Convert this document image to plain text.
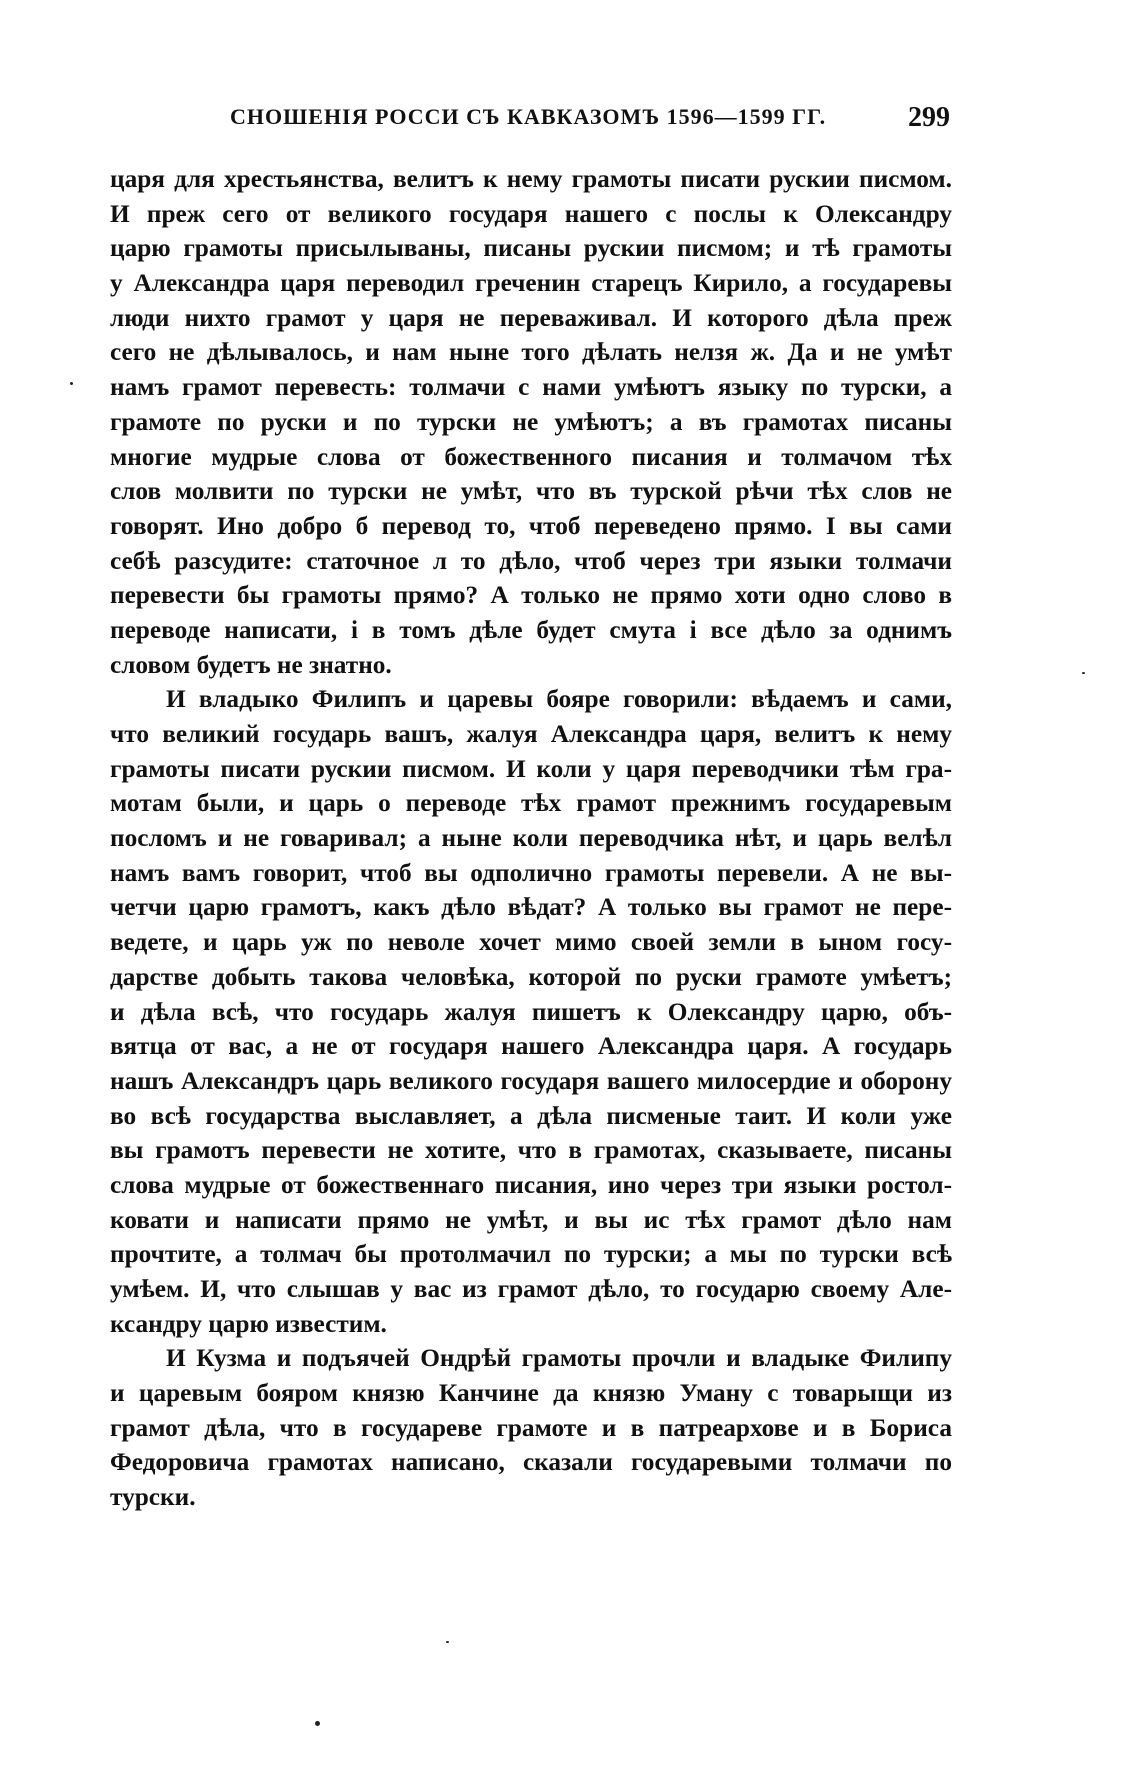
СНОШЕНІЯ РОССИ СЪ КАВКАЗОМЪ 1596—1599 ГГ.	299
царя для хрестьянства, велитъ к нему грамоты писати рускии писмом.
И преж сего от великого государя нашего с послы к Олександру
царю грамоты присылываны, писаны рускии писмом; и тѣ грамоты
у Александра царя переводил греченин старецъ Кирило, а государевы
люди нихто грамот у царя не переваживал. И которого дѣла преж
сего не дѣлывалось, и нам ныне того дѣлать нелзя ж. Да и не умѣт
намъ грамот перевесть: толмачи с нами умѣютъ языку по турски, а
грамоте по руски и по турски не умѣютъ; а въ грамотах писаны
многие мудрые слова от божественного писания и толмачом тѣх
слов молвити по турски не умѣт, что въ турской рѣчи тѣх слов не
говорят. Ино добро б перевод то, чтоб переведено прямо. I вы сами
себѣ разсудите: статочное л то дѣло, чтоб через три языки толмачи
перевести бы грамоты прямо? А только не прямо хоти одно слово в
переводе написати, і в томъ дѣле будет смута і все дѣло за однимъ
словом будетъ не знатно.
И владыко Филипъ и царевы бояре говорили: вѣдаемъ и сами,
что великий государь вашъ, жалуя Александра царя, велитъ к нему
грамоты писати рускии писмом. И коли у царя переводчики тѣм гра-
мотам были, и царь о переводе тѣх грамот прежнимъ государевым
посломъ и не говаривал; а ныне коли переводчика нѣт, и царь велѣл
намъ вамъ говорит, чтоб вы одполично грамоты перевели. А не вы-
четчи царю грамотъ, какъ дѣло вѣдат? А только вы грамот не пере-
ведете, и царь уж по неволе хочет мимо своей земли в ыном госу-
дарстве добыть такова человѣка, которой по руски грамоте умѣетъ;
и дѣла всѣ, что государь жалуя пишетъ к Олександру царю, объ-
вятца от вас, а не от государя нашего Александра царя. А государь
нашъ Александръ царь великого государя вашего милосердие и оборону
во всѣ государства выславляет, а дѣла писменые таит. И коли уже
вы грамотъ перевести не хотите, что в грамотах, сказываете, писаны
слова мудрые от божественнаго писания, ино через три языки ростол-
ковати и написати прямо не умѣт, и вы ис тѣх грамот дѣло нам
прочтите, а толмач бы протолмачил по турски; а мы по турски всѣ
умѣем. И, что слышав у вас из грамот дѣло, то государю своему Але-
ксандру царю известим.
И Кузма и подъячей Ондрѣй грамоты прочли и владыке Филипу
и царевым бояром князю Канчине да князю Уману с товарыщи из
грамот дѣла, что в государеве грамоте и в патреархове и в Бориса
Федоровича грамотах написано, сказали государевыми толмачи по
турски.
